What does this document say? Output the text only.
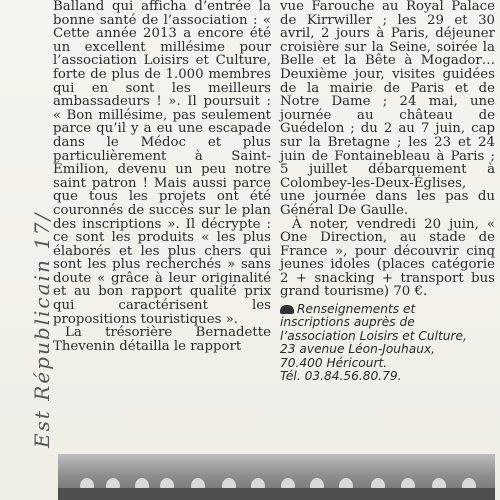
Est Républicain 17/

Balland qui afficha d’entrée la bonne santé de l’association : « Cette année 2013 a encore été un excellent millésime pour l’association Loisirs et Culture, forte de plus de 1.000 membres qui en sont les meilleurs ambassadeurs ! ». Il poursuit : « Bon millésime, pas seulement parce qu’il y a eu une escapade dans le Médoc et plus particulièrement à Saint-Émilion, devenu un peu notre saint patron ! Mais aussi parce que tous les projets ont été couronnés de succès sur le plan des inscriptions ». Il décrypte : ce sont les produits « les plus élaborés et les plus chers qui sont les plus recherchés » sans doute « grâce à leur originalité et au bon rapport qualité prix qui caractérisent les propositions touristiques ».

La trésorière Bernadette Thevenin détailla le rapport

vue Farouche au Royal Palace de Kirrwiller ; les 29 et 30 avril, 2 jours à Paris, déjeuner croisière sur la Seine, soirée la Belle et la Bête à Mogador… Deuxième jour, visites guidées de la mairie de Paris et de Notre Dame ; 24 mai, une journée au château de Guédelon ; du 2 au 7 juin, cap sur la Bretagne ; les 23 et 24 juin de Fontainebleau à Paris ; 5 juillet débarquement à Colombey-les-Deux-Églises, une journée dans les pas du Général De Gaulle.

À noter, vendredi 20 juin, « One Direction, au stade de France », pour découvrir cinq jeunes idoles (places catégorie 2 + snacking + transport bus grand tourisme) 70 €.

Renseignements et
inscriptions auprès de
l’association Loisirs et Culture,
23 avenue Léon-Jouhaux,
70.400 Héricourt.
Tél. 03.84.56.80.79.
